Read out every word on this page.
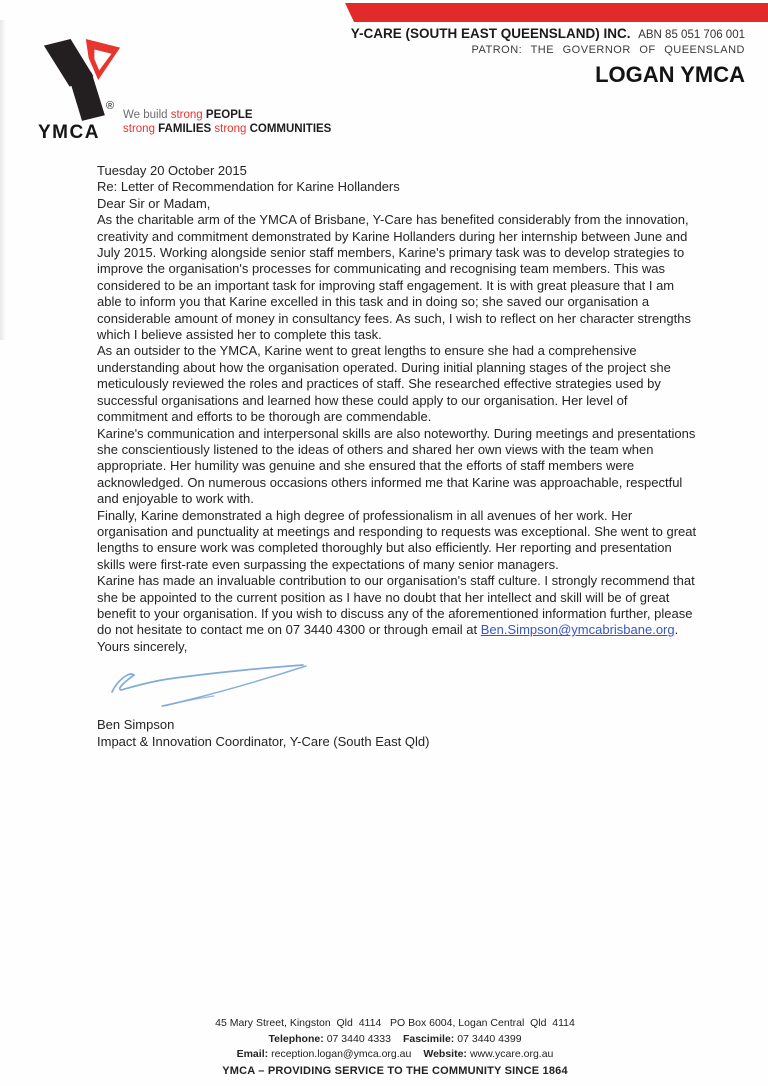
Y-CARE (SOUTH EAST QUEENSLAND) INC. ABN 85 051 706 001
PATRON: THE GOVERNOR OF QUEENSLAND
LOGAN YMCA
®

YMCA

We build strong PEOPLE
strong FAMILIES strong COMMUNITIES

Tuesday 20 October 2015

Re: Letter of Recommendation for Karine Hollanders

Dear Sir or Madam,

As the charitable arm of the YMCA of Brisbane, Y-Care has benefited considerably from the innovation, creativity and commitment demonstrated by Karine Hollanders during her internship between June and July 2015. Working alongside senior staff members, Karine's primary task was to develop strategies to improve the organisation's processes for communicating and recognising team members. This was considered to be an important task for improving staff engagement. It is with great pleasure that I am able to inform you that Karine excelled in this task and in doing so; she saved our organisation a considerable amount of money in consultancy fees. As such, I wish to reflect on her character strengths which I believe assisted her to complete this task.

As an outsider to the YMCA, Karine went to great lengths to ensure she had a comprehensive understanding about how the organisation operated. During initial planning stages of the project she meticulously reviewed the roles and practices of staff. She researched effective strategies used by successful organisations and learned how these could apply to our organisation. Her level of commitment and efforts to be thorough are commendable.

Karine's communication and interpersonal skills are also noteworthy. During meetings and presentations she conscientiously listened to the ideas of others and shared her own views with the team when appropriate. Her humility was genuine and she ensured that the efforts of staff members were acknowledged. On numerous occasions others informed me that Karine was approachable, respectful and enjoyable to work with.

Finally, Karine demonstrated a high degree of professionalism in all avenues of her work. Her organisation and punctuality at meetings and responding to requests was exceptional. She went to great lengths to ensure work was completed thoroughly but also efficiently. Her reporting and presentation skills were first-rate even surpassing the expectations of many senior managers.

Karine has made an invaluable contribution to our organisation's staff culture. I strongly recommend that she be appointed to the current position as I have no doubt that her intellect and skill will be of great benefit to your organisation. If you wish to discuss any of the aforementioned information further, please do not hesitate to contact me on 07 3440 4300 or through email at Ben.Simpson@ymcabrisbane.org.

Yours sincerely,

Ben Simpson

Impact & Innovation Coordinator, Y-Care (South East Qld)

45 Mary Street, Kingston  Qld  4114   PO Box 6004, Logan Central  Qld  4114
Telephone: 07 3440 4333 Fascimile: 07 3440 4399
Email: reception.logan@ymca.org.au Website: www.ycare.org.au
YMCA – PROVIDING SERVICE TO THE COMMUNITY SINCE 1864
